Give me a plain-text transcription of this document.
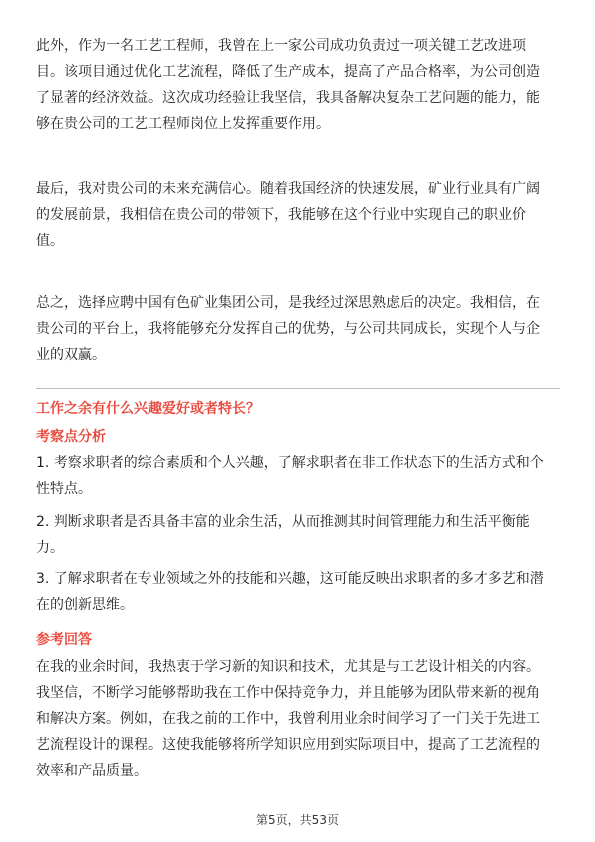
此外，作为一名工艺工程师，我曾在上一家公司成功负责过一项关键工艺改进项
目。该项目通过优化工艺流程，降低了生产成本，提高了产品合格率，为公司创造
了显著的经济效益。这次成功经验让我坚信，我具备解决复杂工艺问题的能力，能
够在贵公司的工艺工程师岗位上发挥重要作用。
最后，我对贵公司的未来充满信心。随着我国经济的快速发展，矿业行业具有广阔
的发展前景，我相信在贵公司的带领下，我能够在这个行业中实现自己的职业价
值。
总之，选择应聘中国有色矿业集团公司，是我经过深思熟虑后的决定。我相信，在
贵公司的平台上，我将能够充分发挥自己的优势，与公司共同成长，实现个人与企
业的双赢。
工作之余有什么兴趣爱好或者特长？
考察点分析
1. 考察求职者的综合素质和个人兴趣，了解求职者在非工作状态下的生活方式和个
性特点。
2. 判断求职者是否具备丰富的业余生活，从而推测其时间管理能力和生活平衡能
力。
3. 了解求职者在专业领域之外的技能和兴趣，这可能反映出求职者的多才多艺和潜
在的创新思维。
参考回答
在我的业余时间，我热衷于学习新的知识和技术，尤其是与工艺设计相关的内容。
我坚信，不断学习能够帮助我在工作中保持竞争力，并且能够为团队带来新的视角
和解决方案。例如，在我之前的工作中，我曾利用业余时间学习了一门关于先进工
艺流程设计的课程。这使我能够将所学知识应用到实际项目中，提高了工艺流程的
效率和产品质量。
第5页，共53页
